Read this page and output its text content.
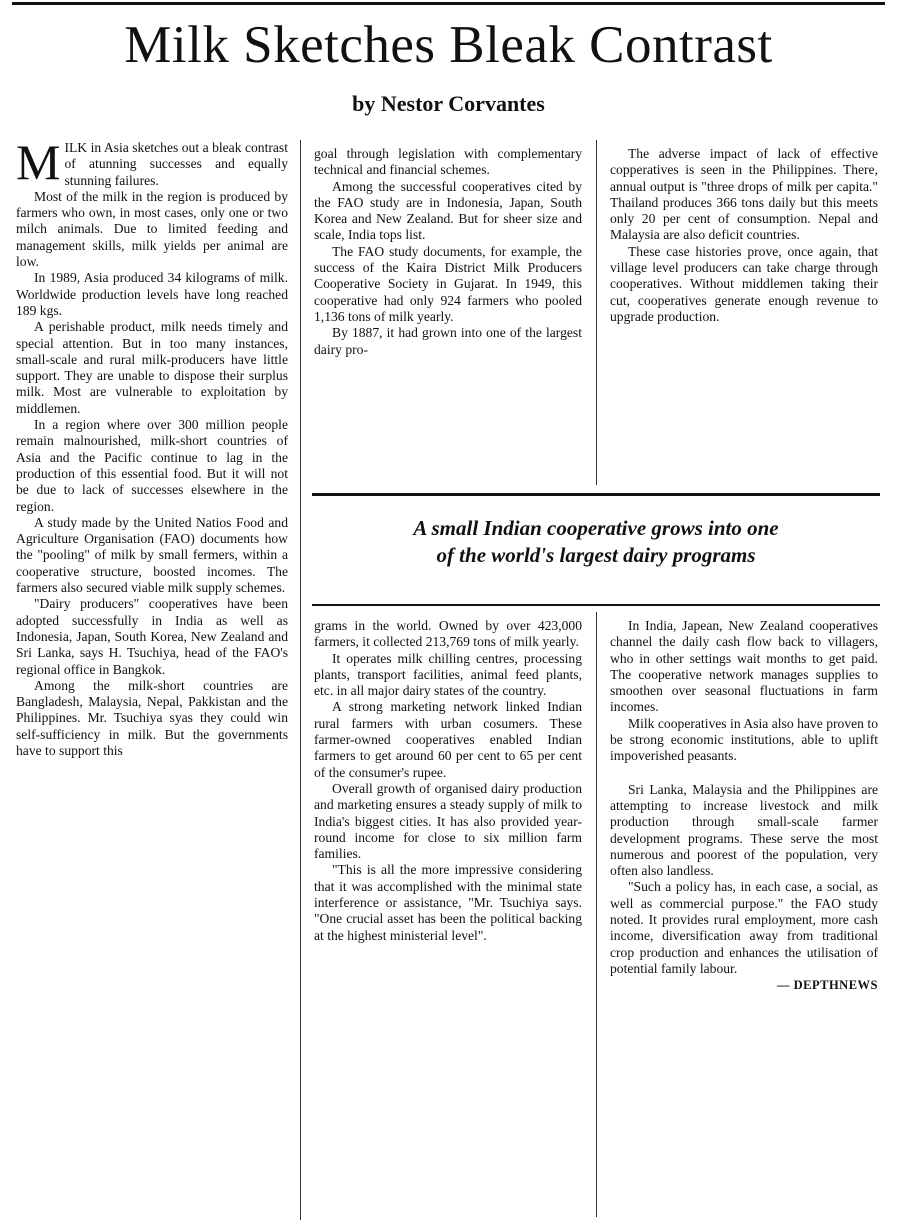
Milk Sketches Bleak Contrast
by Nestor Corvantes

MILK in Asia sketches out a bleak contrast of atunning successes and equally stunning failures.

Most of the milk in the region is produced by farmers who own, in most cases, only one or two milch animals. Due to limited feeding and management skills, milk yields per animal are low.

In 1989, Asia produced 34 kilograms of milk. Worldwide production levels have long reached 189 kgs.

A perishable product, milk needs timely and special attention. But in too many instances, small-scale and rural milk-producers have little support. They are unable to dispose their surplus milk. Most are vulnerable to exploitation by middlemen.

In a region where over 300 million people remain malnourished, milk-short countries of Asia and the Pacific continue to lag in the production of this essential food. But it will not be due to lack of successes elsewhere in the region.

A study made by the United Natios Food and Agriculture Organisation (FAO) documents how the "pooling" of milk by small fermers, within a cooperative structure, boosted incomes. The farmers also secured viable milk supply schemes.

"Dairy producers" cooperatives have been adopted successfully in India as well as Indonesia, Japan, South Korea, New Zealand and Sri Lanka, says H. Tsuchiya, head of the FAO's regional office in Bangkok.

Among the milk-short countries are Bangladesh, Malaysia, Nepal, Pakkistan and the Philippines. Mr. Tsuchiya syas they could win self-sufficiency in milk. But the governments have to support this

goal through legislation with complementary technical and financial schemes.

Among the successful cooperatives cited by the FAO study are in Indonesia, Japan, South Korea and New Zealand. But for sheer size and scale, India tops list.

The FAO study documents, for example, the success of the Kaira District Milk Producers Cooperative Society in Gujarat. In 1949, this cooperative had only 924 farmers who pooled 1,136 tons of milk yearly.

By 1887, it had grown into one of the largest dairy pro-

The adverse impact of lack of effective copperatives is seen in the Philippines. There, annual output is "three drops of milk per capita." Thailand produces 366 tons daily but this meets only 20 per cent of consumption. Nepal and Malaysia are also deficit countries.

These case histories prove, once again, that village level producers can take charge through cooperatives. Without middlemen taking their cut, cooperatives generate enough revenue to upgrade production.

A small Indian cooperative grows into one
of the world's largest dairy programs

grams in the world. Owned by over 423,000 farmers, it collected 213,769 tons of milk yearly.

It operates milk chilling centres, processing plants, transport facilities, animal feed plants, etc. in all major dairy states of the country.

A strong marketing network linked Indian rural farmers with urban cosumers. These farmer-owned cooperatives enabled Indian farmers to get around 60 per cent to 65 per cent of the consumer's rupee.

Overall growth of organised dairy production and marketing ensures a steady supply of milk to India's biggest cities. It has also provided year-round income for close to six million farm families.

"This is all the more impressive considering that it was accomplished with the minimal state interference or assistance, "Mr. Tsuchiya says. "One crucial asset has been the political backing at the highest ministerial level".

In India, Japean, New Zealand cooperatives channel the daily cash flow back to villagers, who in other settings wait months to get paid. The cooperative network manages supplies to smoothen over seasonal fluctuations in farm incomes.

Milk cooperatives in Asia also have proven to be strong economic institutions, able to uplift impoverished peasants.

Sri Lanka, Malaysia and the Philippines are attempting to increase livestock and milk production through small-scale farmer development programs. These serve the most numerous and poorest of the population, very often also landless.

"Such a policy has, in each case, a social, as well as commercial purpose." the FAO study noted. It provides rural employment, more cash income, diversification away from traditional crop production and enhances the utilisation of potential family labour.

— DEPTHNEWS
